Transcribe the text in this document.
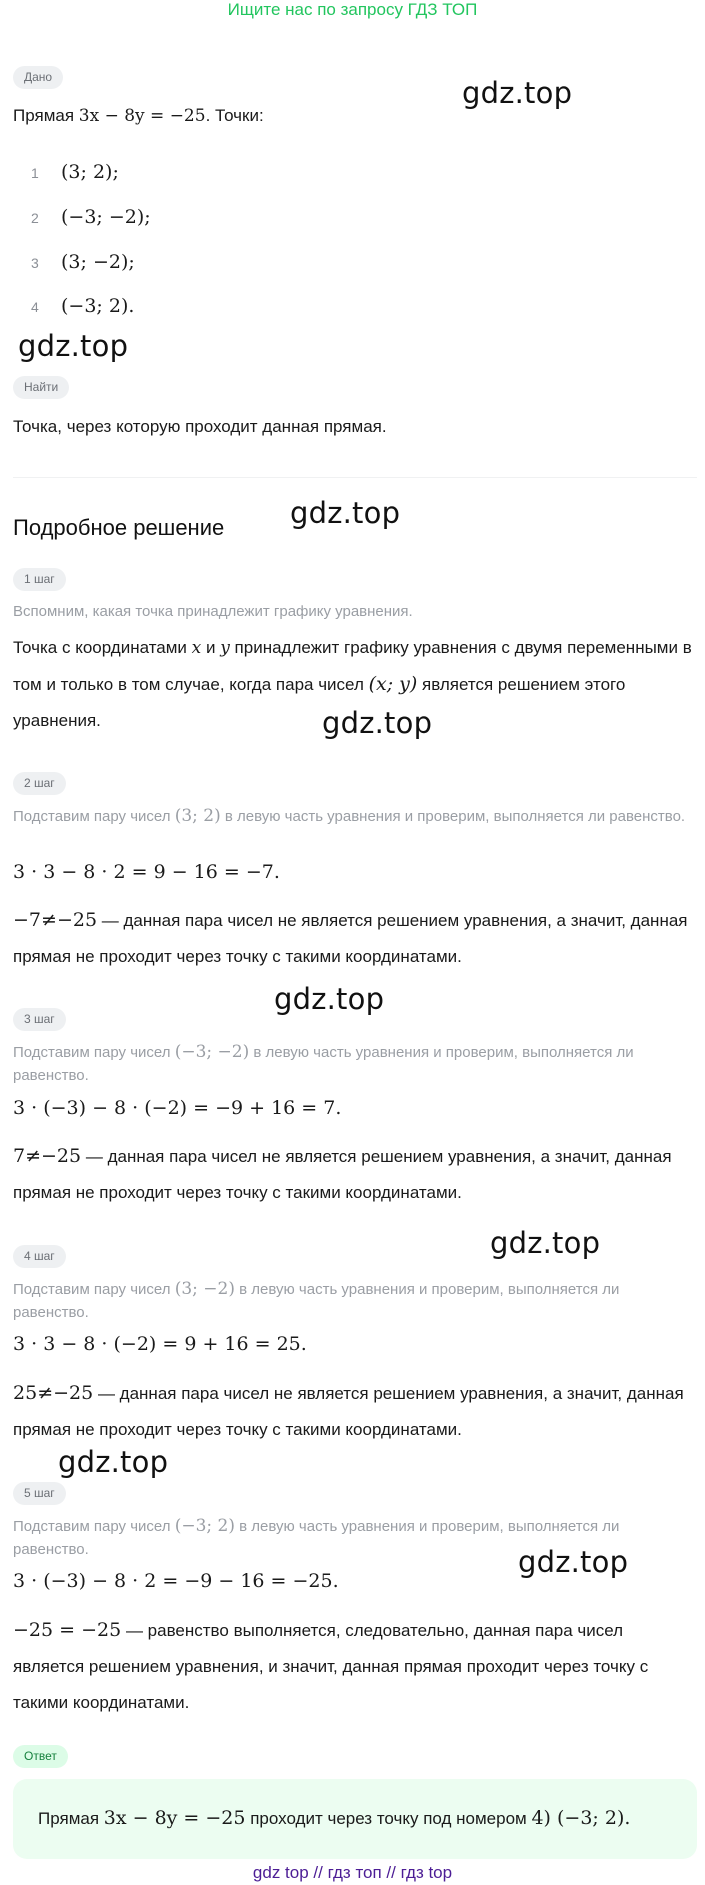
Ищите нас по запросу ГДЗ ТОП
Дано	gdz.top
Прямая 3x − 8y = −25. Точки:
1 (3; 2);
2 (−3; −2);
3 (3; −2);
4 (−3; 2).
gdz.top
Найти
Точка, через которую проходит данная прямая.
Подробное решение gdz.top
1 шаг
Вспомним, какая точка принадлежит графику уравнения.
Точка с координатами x и y принадлежит графику уравнения с двумя переменными в том и только в том случае, когда пара чисел (x; y) является решением этого уравнения.	gdz.top
2 шаг
Подставим пару чисел (3; 2) в левую часть уравнения и проверим, выполняется ли равенство.
3 · 3 − 8 · 2 = 9 − 16 = −7.
−7≠−25 — данная пара чисел не является решением уравнения, а значит, данная прямая не проходит через точку с такими координатами.
gdz.top
3 шаг
Подставим пару чисел (−3; −2) в левую часть уравнения и проверим, выполняется ли равенство.
3 · (−3) − 8 · (−2) = −9 + 16 = 7.
7≠−25 — данная пара чисел не является решением уравнения, а значит, данная прямая не проходит через точку с такими координатами.
gdz.top
4 шаг
Подставим пару чисел (3; −2) в левую часть уравнения и проверим, выполняется ли равенство.
3 · 3 − 8 · (−2) = 9 + 16 = 25.
25≠−25 — данная пара чисел не является решением уравнения, а значит, данная прямая не проходит через точку с такими координатами.
gdz.top
5 шаг
Подставим пару чисел (−3; 2) в левую часть уравнения и проверим, выполняется ли равенство.	gdz.top
3 · (−3) − 8 · 2 = −9 − 16 = −25.
−25 = −25 — равенство выполняется, следовательно, данная пара чисел является решением уравнения, и значит, данная прямая проходит через точку с такими координатами.
Ответ
Прямая 3x − 8y = −25 проходит через точку под номером 4) (−3; 2).
gdz top // гдз топ // гдз top
